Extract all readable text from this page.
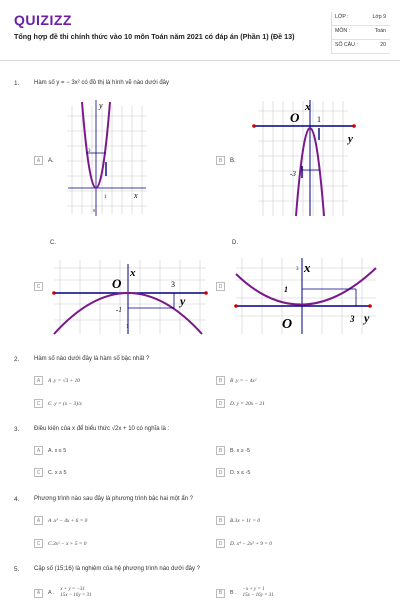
QUIZIZZ
Tổng hợp đề thi chính thức vào 10 môn Toán năm 2021 có đáp án (Phần 1) (Đề 13)
LỚP :	Lớp 9
MÔN :	Toán
SỐ CÂU :	20
1. Hàm số y = − 3x² có đồ thị là hình vẽ nào dưới đây
A	A.
y
x
3
1
0
B	B.
O
x
y
1
-3
C.
C	O
x
3
y
-1
1
D.
D
3 x
1
O	3 y
2. Hàm số nào dưới đây là hàm số bậc nhất ?
A	A .y = √3 + 10	B	B .y = − 4x²
C	C .y = (x − 3)/x	D	D. y = 20x − 21
3. Điều kiện của x để biểu thức √2x + 10 có nghĩa là :
A	A. x ≤ 5	B	B. x ≥ -5
C	C. x ≥ 5	D	D. x ≤ -5
4. Phương trình nào sau đây là phương trình bậc hai một ẩn ?
A	A .x³ − 4x + 6 = 0	B	B.3x + 11 = 0
C	C.3x² − x + 5 = 0	D	D. x⁴ − 2x² + 9 = 0
5. Cặp số (15;16) là nghiệm của hệ phương trình nào dưới đây ?
A	A .
x + y = −31
15x − 16y = 31	B	B .
−x + y = 1
15x − 16y = 31
